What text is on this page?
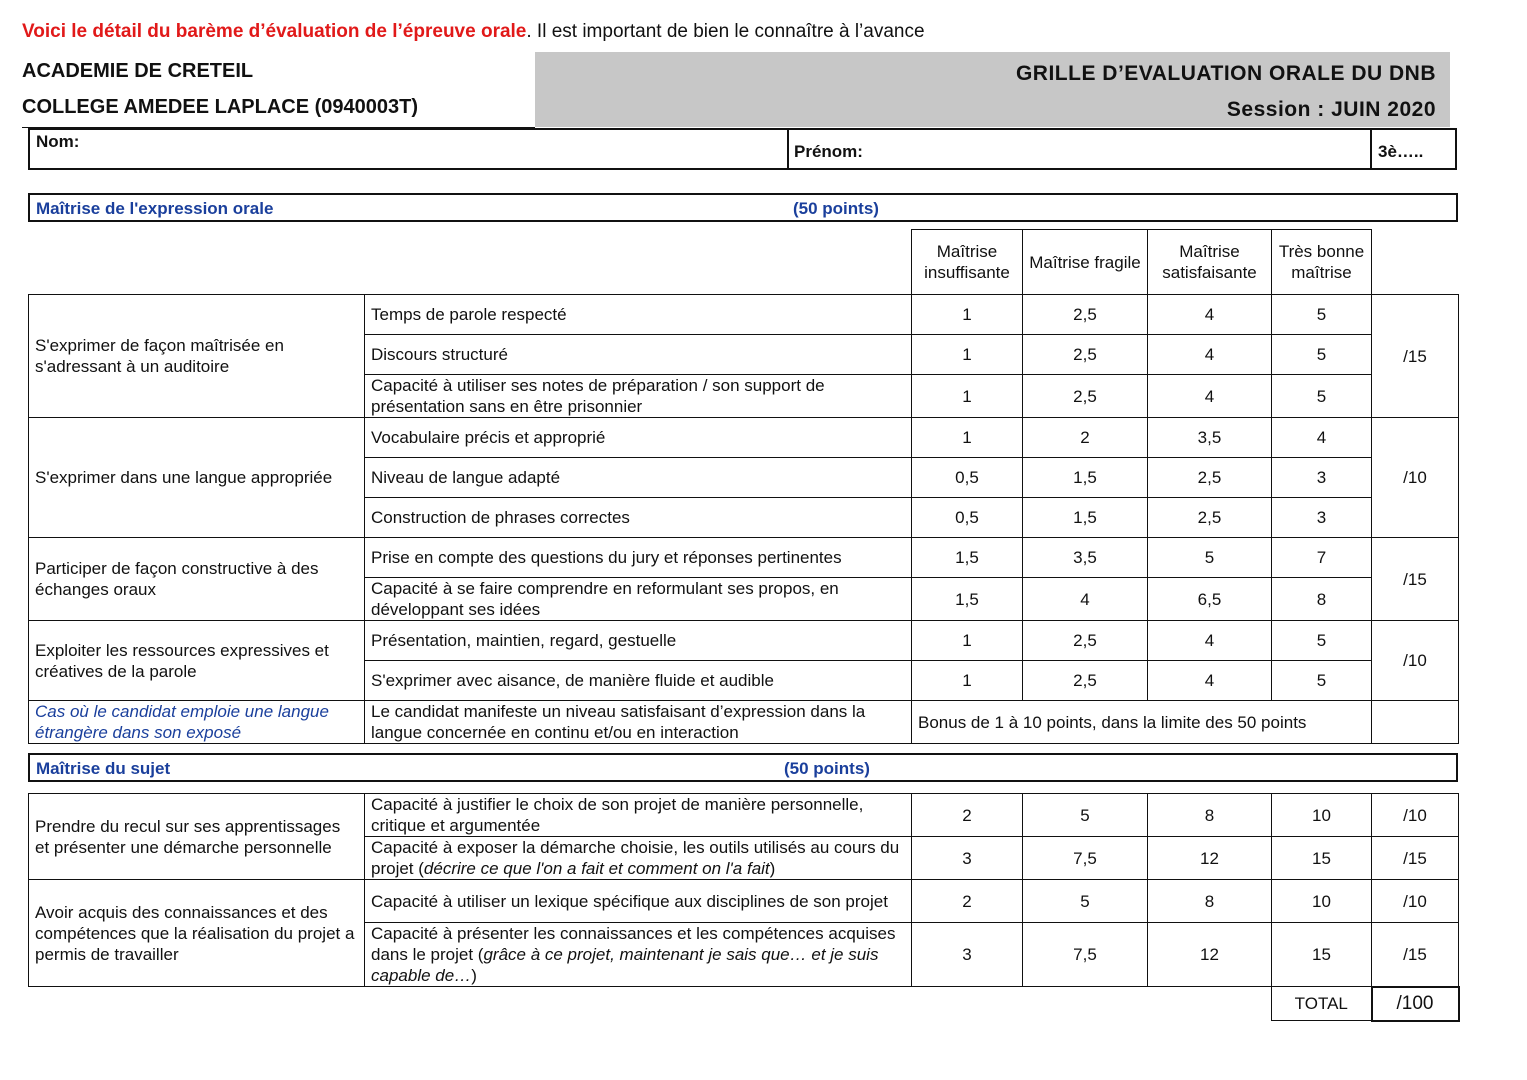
Voici le détail du barème d’évaluation de l’épreuve orale. Il est important de bien le connaître à l’avance
ACADEMIE DE CRETEIL
COLLEGE AMEDEE LAPLACE (0940003T)
GRILLE D’EVALUATION ORALE DU DNB
Session : JUIN 2020
Nom:
Prénom:	3è…..
Maîtrise de l'expression orale	(50 points)
		Maîtrise insuffisante	Maîtrise fragile	Maîtrise satisfaisante	Très bonne maîtrise	
S'exprimer de façon maîtrisée en s'adressant à un auditoire	Temps de parole respecté	1	2,5	4	5	/15
	Discours structuré	1	2,5	4	5	
	Capacité à utiliser ses notes de préparation / son support de présentation sans en être prisonnier	1	2,5	4	5	
S'exprimer dans une langue appropriée	Vocabulaire précis et approprié	1	2	3,5	4	/10
	Niveau de langue adapté	0,5	1,5	2,5	3	
	Construction de phrases correctes	0,5	1,5	2,5	3	
Participer de façon constructive à des échanges oraux	Prise en compte des questions du jury et réponses pertinentes	1,5	3,5	5	7	/15
	Capacité à se faire comprendre en reformulant ses propos, en développant ses idées	1,5	4	6,5	8	
Exploiter les ressources expressives et créatives de la parole	Présentation, maintien, regard, gestuelle	1	2,5	4	5	/10
	S'exprimer avec aisance, de manière fluide et audible	1	2,5	4	5	
Cas où le candidat emploie une langue étrangère dans son exposé	Le candidat manifeste un niveau satisfaisant d’expression dans la langue concernée en continu et/ou en interaction	Bonus de 1 à 10 points, dans la limite des 50 points				
Maîtrise du sujet	(50 points)
Prendre du recul sur ses apprentissages et présenter une démarche personnelle	Capacité à justifier le choix de son projet de manière personnelle, critique et argumentée	2	5	8	10	/10
	Capacité à exposer la démarche choisie, les outils utilisés au cours du projet (décrire ce que l'on a fait et comment on l'a fait)	3	7,5	12	15	/15
Avoir acquis des connaissances et des compétences que la réalisation du projet a permis de travailler	Capacité à utiliser un lexique spécifique aux disciplines de son projet	2	5	8	10	/10
	Capacité à présenter les connaissances et les compétences acquises dans le projet (grâce à ce projet, maintenant je sais que… et je suis capable de…)	3	7,5	12	15	/15
					TOTAL	/100
